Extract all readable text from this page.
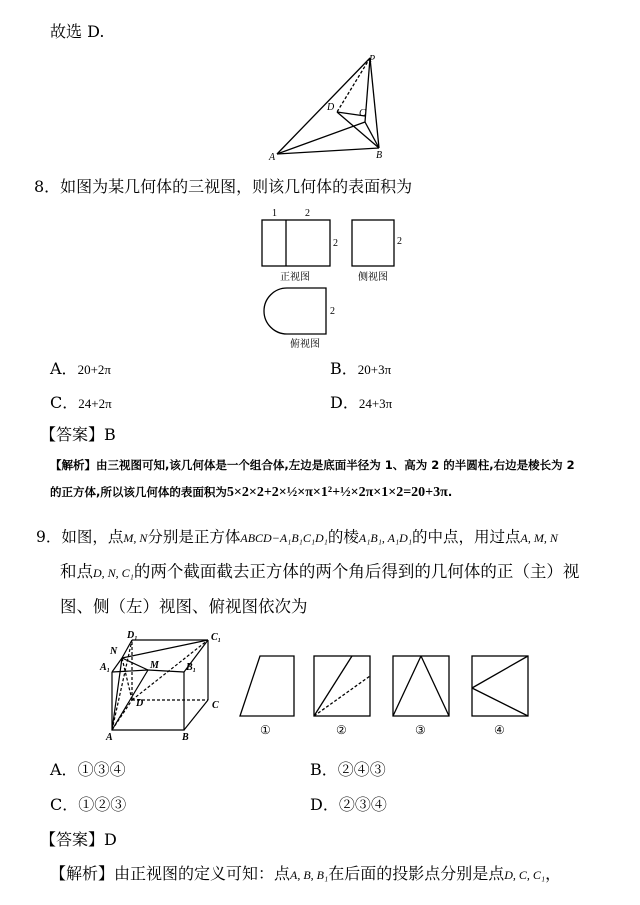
故选 D.
P
D
C
A	B
8．如图为某几何体的三视图，则该几何体的表面积为
1	2
2	2
2
正视图	侧视图
俯视图
A．20+2π	B．20+3π
C．24+2π	D．24+3π
【答案】B
【解析】由三视图可知,该几何体是一个组合体,左边是底面半径为 1、高为 2 的半圆柱,右边是棱长为 2
的正方体,所以该几何体的表面积为5×2×2+2×½×π×1²+½×2π×1×2=20+3π.
9．如图，点M, N分别是正方体ABCD−A₁B₁C₁D₁的棱A₁B₁, A₁D₁的中点，用过点A, M, N
和点D, N, C₁的两个截面截去正方体的两个角后得到的几何体的正（主）视
图、侧（左）视图、俯视图依次为
D₁	C₁
N
A₁	M	B₁
D	C
A	B
①	②	③	④
A．①③④	B．②④③
C．①②③	D．②③④
【答案】D
【解析】由正视图的定义可知：点A, B, B₁在后面的投影点分别是点D, C, C₁，
